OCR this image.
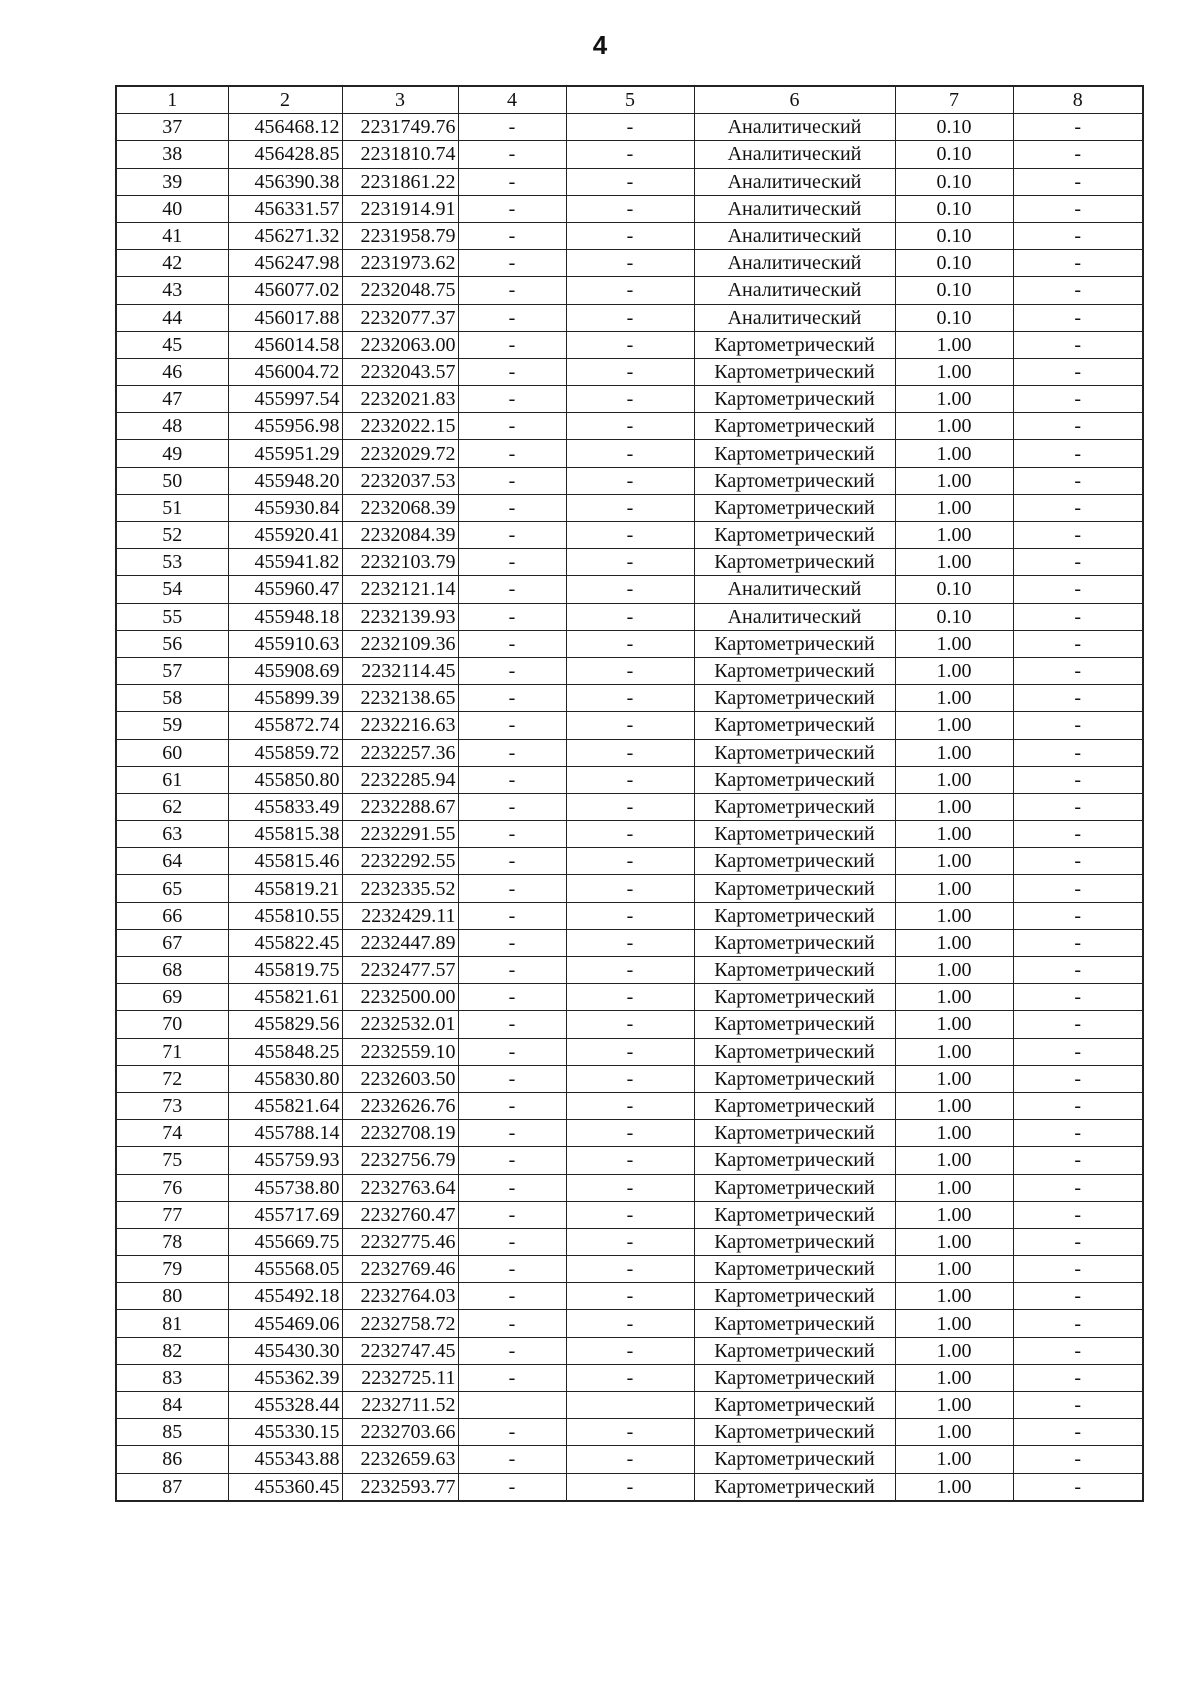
4
1	2	3	4	5	6	7	8
37	456468.12	2231749.76	-	-	Аналитический	0.10	-
38	456428.85	2231810.74	-	-	Аналитический	0.10	-
39	456390.38	2231861.22	-	-	Аналитический	0.10	-
40	456331.57	2231914.91	-	-	Аналитический	0.10	-
41	456271.32	2231958.79	-	-	Аналитический	0.10	-
42	456247.98	2231973.62	-	-	Аналитический	0.10	-
43	456077.02	2232048.75	-	-	Аналитический	0.10	-
44	456017.88	2232077.37	-	-	Аналитический	0.10	-
45	456014.58	2232063.00	-	-	Картометрический	1.00	-
46	456004.72	2232043.57	-	-	Картометрический	1.00	-
47	455997.54	2232021.83	-	-	Картометрический	1.00	-
48	455956.98	2232022.15	-	-	Картометрический	1.00	-
49	455951.29	2232029.72	-	-	Картометрический	1.00	-
50	455948.20	2232037.53	-	-	Картометрический	1.00	-
51	455930.84	2232068.39	-	-	Картометрический	1.00	-
52	455920.41	2232084.39	-	-	Картометрический	1.00	-
53	455941.82	2232103.79	-	-	Картометрический	1.00	-
54	455960.47	2232121.14	-	-	Аналитический	0.10	-
55	455948.18	2232139.93	-	-	Аналитический	0.10	-
56	455910.63	2232109.36	-	-	Картометрический	1.00	-
57	455908.69	2232114.45	-	-	Картометрический	1.00	-
58	455899.39	2232138.65	-	-	Картометрический	1.00	-
59	455872.74	2232216.63	-	-	Картометрический	1.00	-
60	455859.72	2232257.36	-	-	Картометрический	1.00	-
61	455850.80	2232285.94	-	-	Картометрический	1.00	-
62	455833.49	2232288.67	-	-	Картометрический	1.00	-
63	455815.38	2232291.55	-	-	Картометрический	1.00	-
64	455815.46	2232292.55	-	-	Картометрический	1.00	-
65	455819.21	2232335.52	-	-	Картометрический	1.00	-
66	455810.55	2232429.11	-	-	Картометрический	1.00	-
67	455822.45	2232447.89	-	-	Картометрический	1.00	-
68	455819.75	2232477.57	-	-	Картометрический	1.00	-
69	455821.61	2232500.00	-	-	Картометрический	1.00	-
70	455829.56	2232532.01	-	-	Картометрический	1.00	-
71	455848.25	2232559.10	-	-	Картометрический	1.00	-
72	455830.80	2232603.50	-	-	Картометрический	1.00	-
73	455821.64	2232626.76	-	-	Картометрический	1.00	-
74	455788.14	2232708.19	-	-	Картометрический	1.00	-
75	455759.93	2232756.79	-	-	Картометрический	1.00	-
76	455738.80	2232763.64	-	-	Картометрический	1.00	-
77	455717.69	2232760.47	-	-	Картометрический	1.00	-
78	455669.75	2232775.46	-	-	Картометрический	1.00	-
79	455568.05	2232769.46	-	-	Картометрический	1.00	-
80	455492.18	2232764.03	-	-	Картометрический	1.00	-
81	455469.06	2232758.72	-	-	Картометрический	1.00	-
82	455430.30	2232747.45	-	-	Картометрический	1.00	-
83	455362.39	2232725.11	-	-	Картометрический	1.00	-
84	455328.44	2232711.52			Картометрический	1.00	-
85	455330.15	2232703.66	-	-	Картометрический	1.00	-
86	455343.88	2232659.63	-	-	Картометрический	1.00	-
87	455360.45	2232593.77	-	-	Картометрический	1.00	-
